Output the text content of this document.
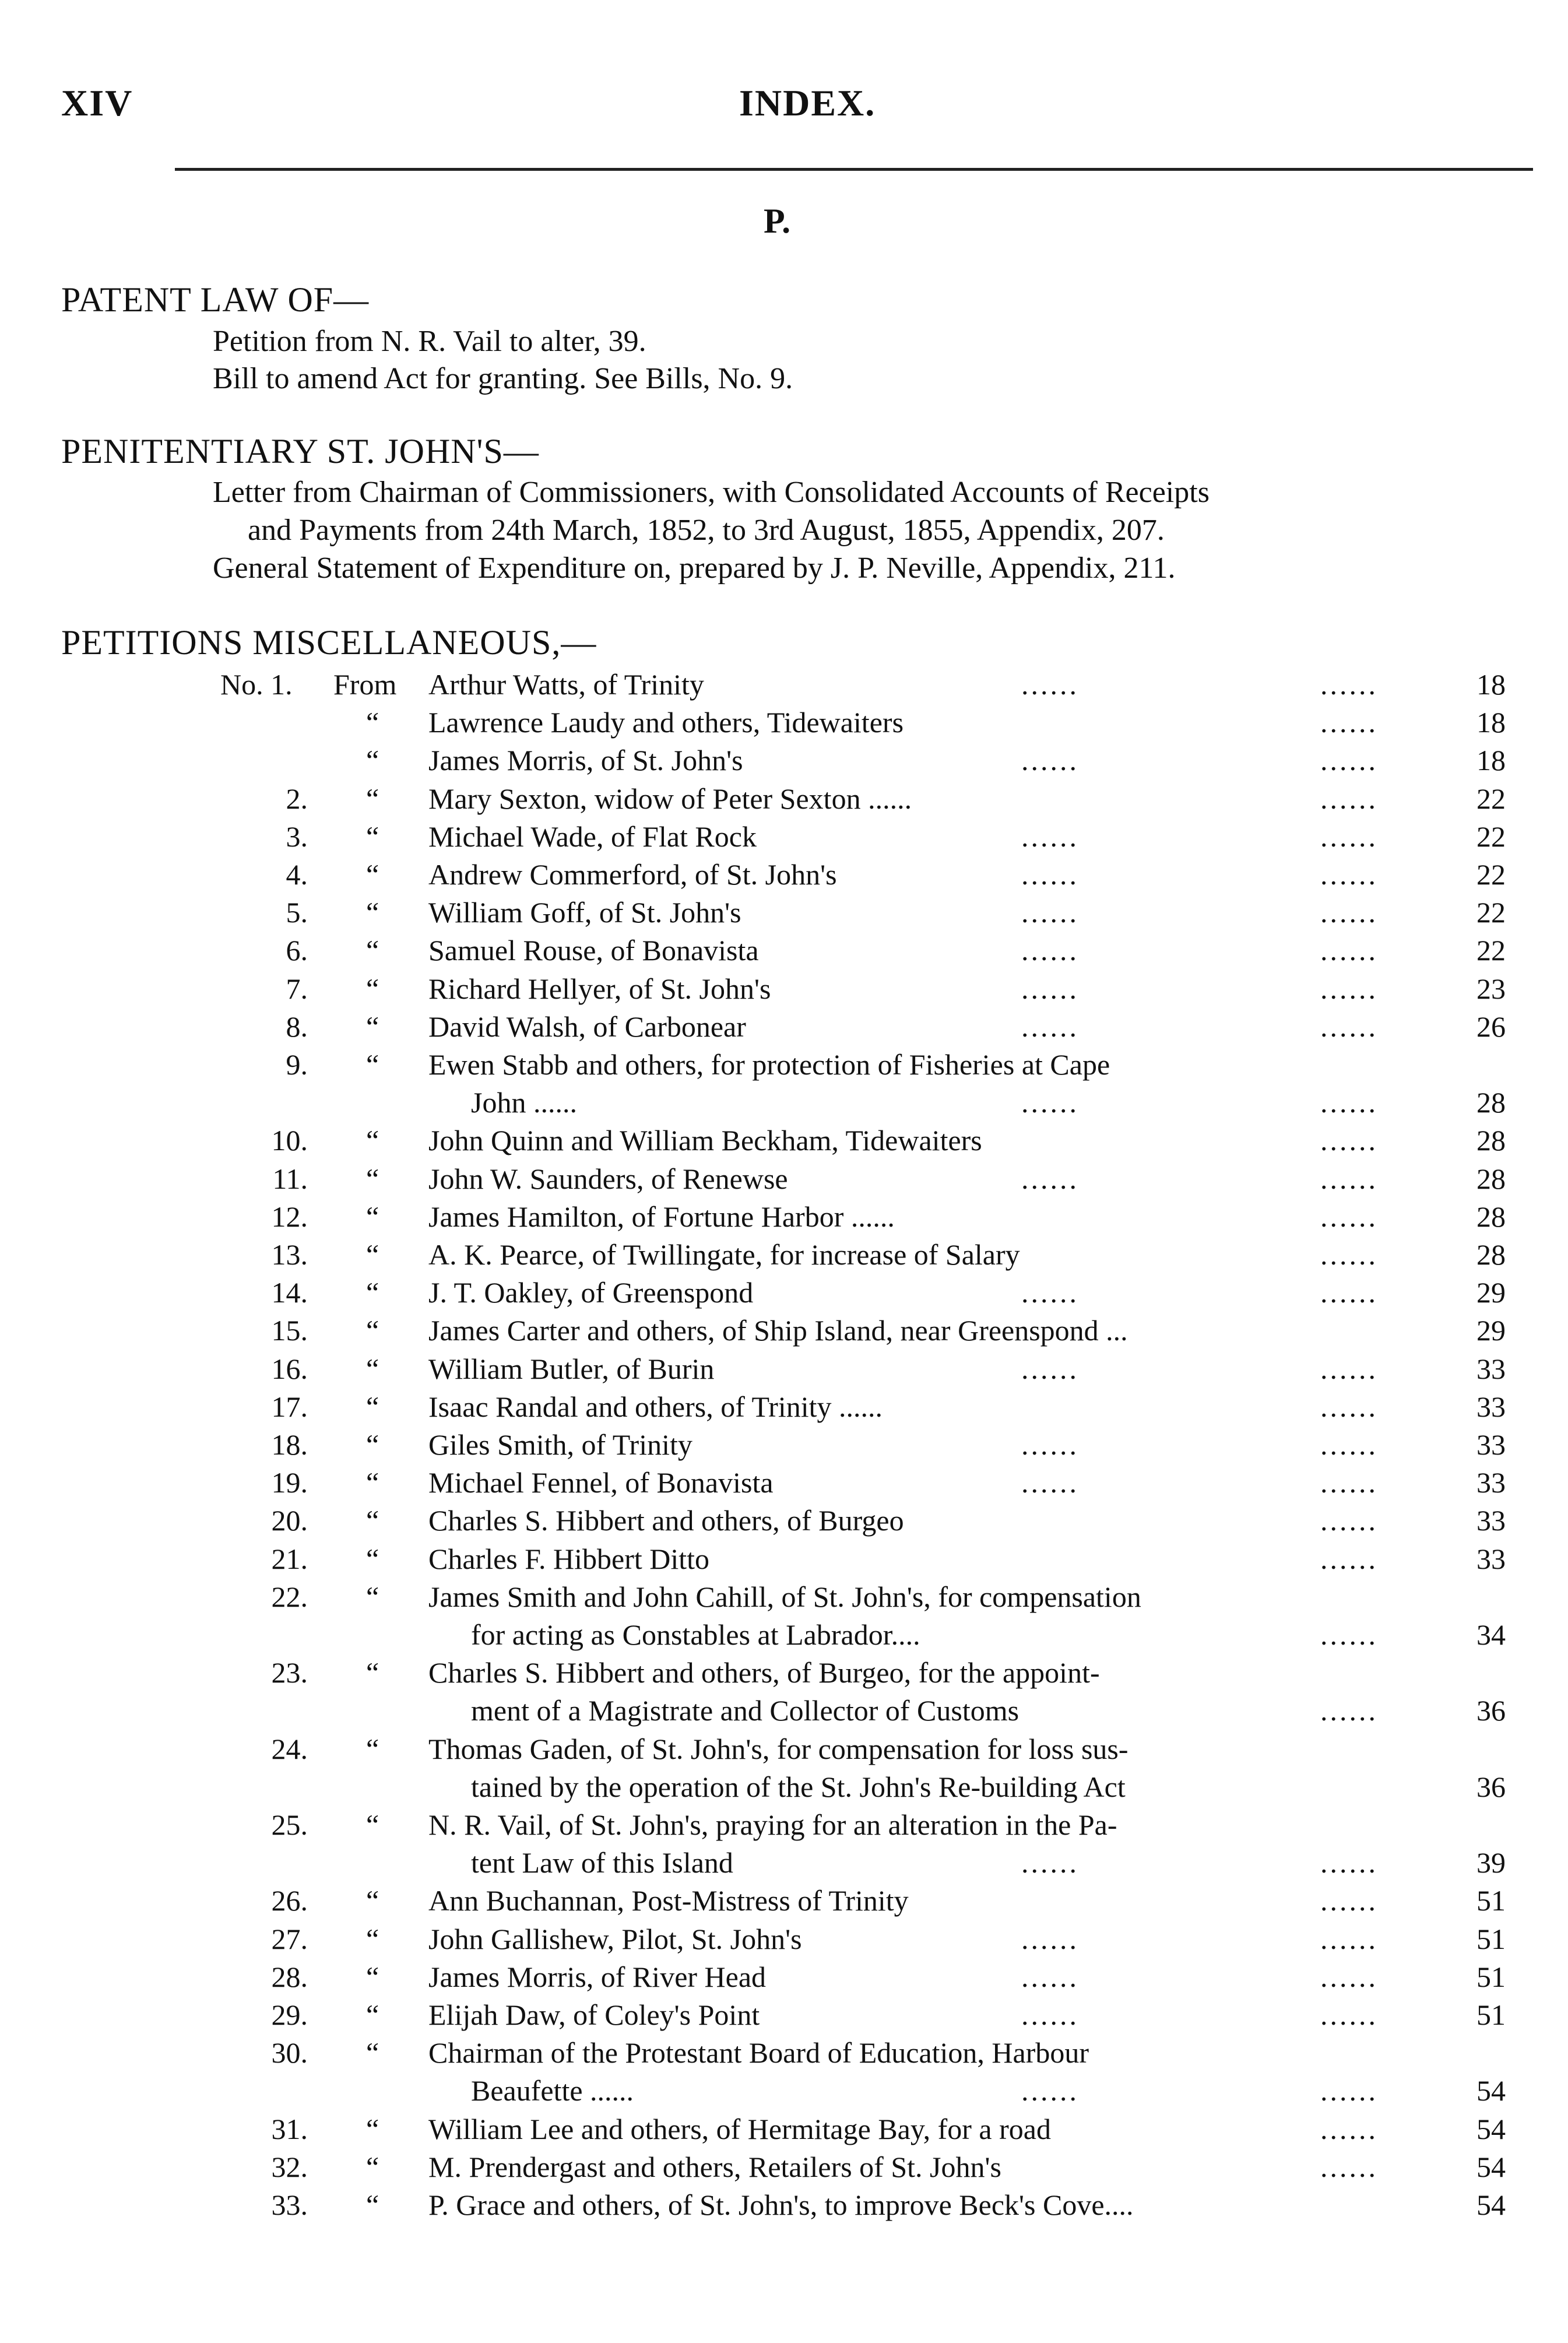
XIV	INDEX.
P.
PATENT LAW OF—
Petition from N. R. Vail to alter, 39.
Bill to amend Act for granting. See Bills, No. 9.
PENITENTIARY ST. JOHN'S—
Letter from Chairman of Commissioners, with Consolidated Accounts of Receipts
and Payments from 24th March, 1852, to 3rd August, 1855, Appendix, 207.
General Statement of Expenditure on, prepared by J. P. Neville, Appendix, 211.
PETITIONS MISCELLANEOUS,—
No. 1. From Arthur Watts, of Trinity	......	......	18
“ Lawrence Laudy and others, Tidewaiters	......	18
“ James Morris, of St. John's	......	......	18
2. “ Mary Sexton, widow of Peter Sexton ......	......	22
3. “ Michael Wade, of Flat Rock	......	......	22
4. “ Andrew Commerford, of St. John's	......	......	22
5. “ William Goff, of St. John's	......	......	22
6. “ Samuel Rouse, of Bonavista	......	......	22
7. “ Richard Hellyer, of St. John's	......	......	23
8. “ David Walsh, of Carbonear	......	......	26
9. “ Ewen Stabb and others, for protection of Fisheries at Cape
John ......	......	......	28
10. “ John Quinn and William Beckham, Tidewaiters	......	28
11. “ John W. Saunders, of Renewse	......	......	28
12. “ James Hamilton, of Fortune Harbor ......	......	28
13. “ A. K. Pearce, of Twillingate, for increase of Salary	......	28
14. “ J. T. Oakley, of Greenspond	......	......	29
15. “ James Carter and others, of Ship Island, near Greenspond ...	29
16. “ William Butler, of Burin	......	......	33
17. “ Isaac Randal and others, of Trinity ......	......	33
18. “ Giles Smith, of Trinity	......	......	33
19. “ Michael Fennel, of Bonavista	......	......	33
20. “ Charles S. Hibbert and others, of Burgeo	......	33
21. “ Charles F. Hibbert Ditto	......	33
22. “ James Smith and John Cahill, of St. John's, for compensation
for acting as Constables at Labrador....	......	34
23. “ Charles S. Hibbert and others, of Burgeo, for the appoint-
ment of a Magistrate and Collector of Customs	......	36
24. “ Thomas Gaden, of St. John's, for compensation for loss sus-
tained by the operation of the St. John's Re-building Act	36
25. “ N. R. Vail, of St. John's, praying for an alteration in the Pa-
tent Law of this Island	......	......	39
26. “ Ann Buchannan, Post-Mistress of Trinity	......	51
27. “ John Gallishew, Pilot, St. John's	......	......	51
28. “ James Morris, of River Head	......	......	51
29. “ Elijah Daw, of Coley's Point	......	......	51
30. “ Chairman of the Protestant Board of Education, Harbour
Beaufette ......	......	......	54
31. “ William Lee and others, of Hermitage Bay, for a road	......	54
32. “ M. Prendergast and others, Retailers of St. John's	......	54
33. “ P. Grace and others, of St. John's, to improve Beck's Cove....	54
